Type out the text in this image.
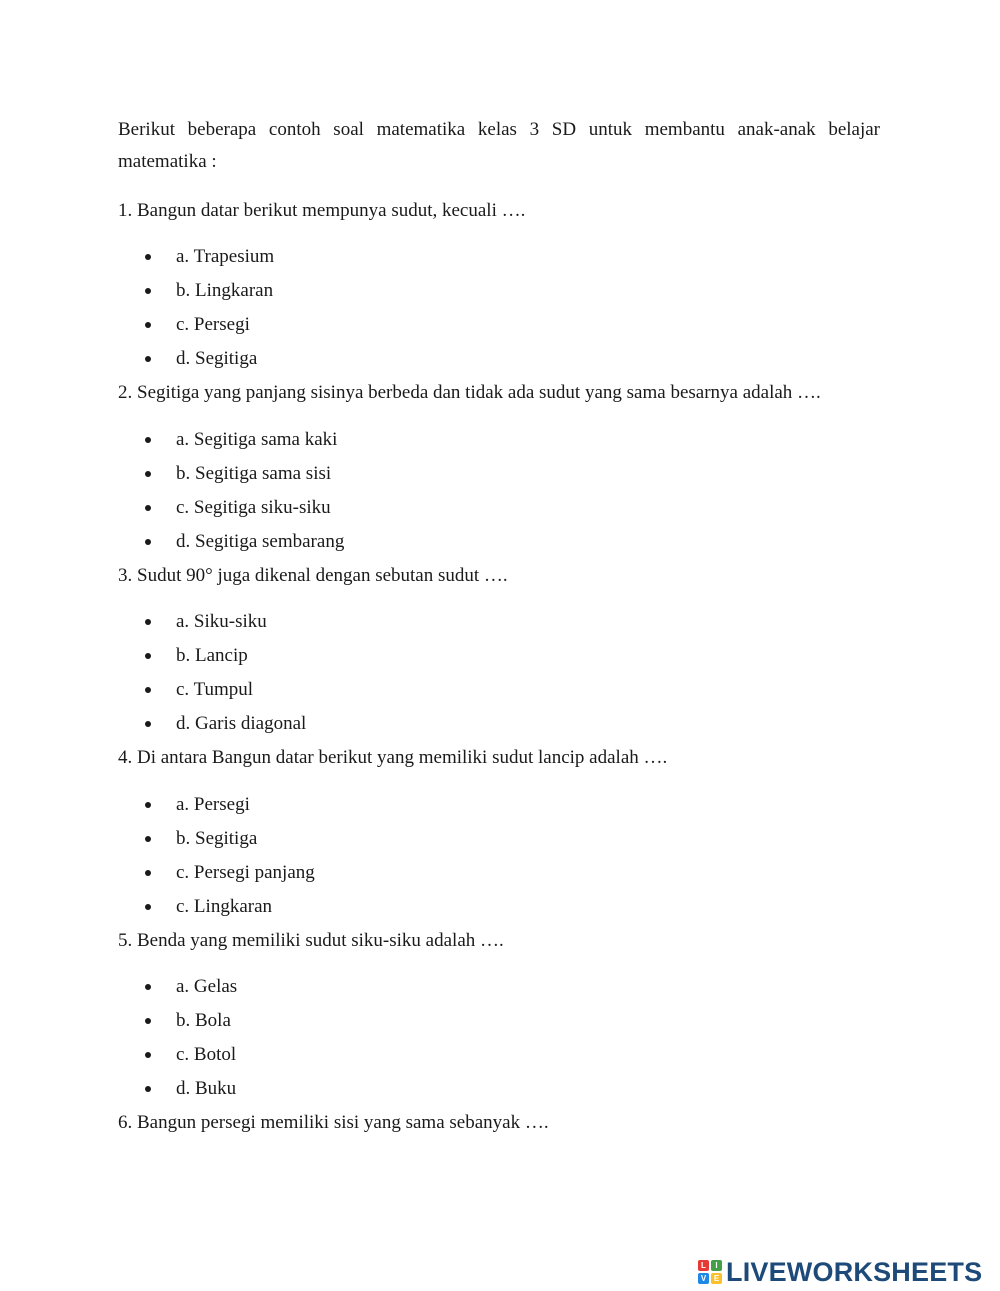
Berikut beberapa contoh soal matematika kelas 3 SD untuk membantu anak-anak belajar matematika :

1. Bangun datar berikut mempunya sudut, kecuali ….

a. Trapesium
b. Lingkaran
c. Persegi
d. Segitiga

2. Segitiga yang panjang sisinya berbeda dan tidak ada sudut yang sama besarnya adalah ….

a. Segitiga sama kaki
b. Segitiga sama sisi
c. Segitiga siku-siku
d. Segitiga sembarang

3. Sudut 90° juga dikenal dengan sebutan sudut ….

a. Siku-siku
b. Lancip
c. Tumpul
d. Garis diagonal

4. Di antara Bangun datar berikut yang memiliki sudut lancip adalah ….

a. Persegi
b. Segitiga
c. Persegi panjang
c. Lingkaran

5. Benda yang memiliki sudut siku-siku adalah ….

a. Gelas
b. Bola
c. Botol
d. Buku

6. Bangun persegi memiliki sisi yang sama sebanyak ….

L	I
V E LIVEWORKSHEETS
